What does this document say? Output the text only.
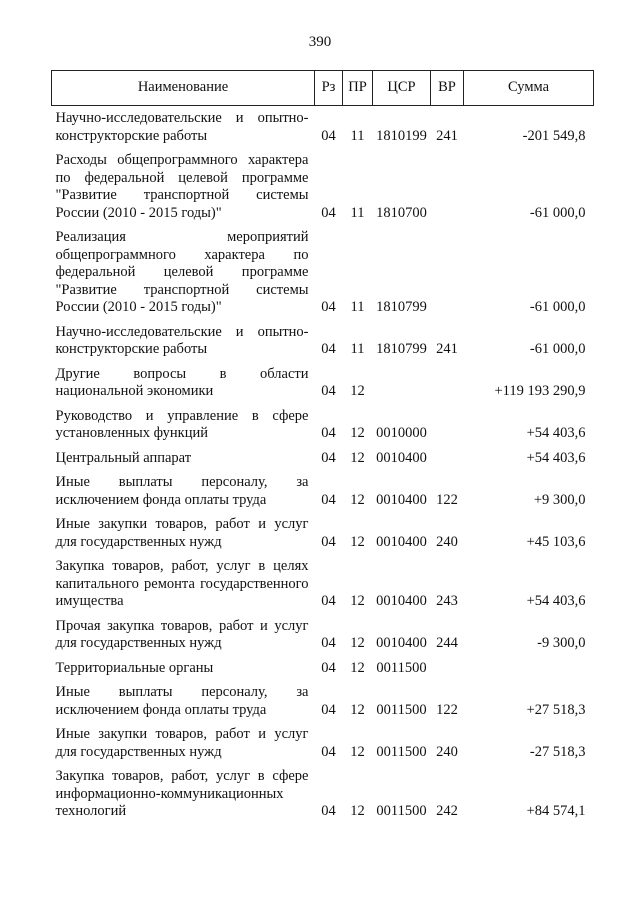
390
Наименование	Рз	ПР	ЦСР	ВР	Сумма
Научно-исследовательские и опытно-конструкторские работы	04	11	1810199	241	-201 549,8
Расходы общепрограммного характера по федеральной целевой программе "Развитие транспортной системы России (2010 - 2015 годы)"	04	11	1810700		-61 000,0
Реализация мероприятий общепрограммного характера по федеральной целевой программе "Развитие транспортной системы России (2010 - 2015 годы)"	04	11	1810799		-61 000,0
Научно-исследовательские и опытно-конструкторские работы	04	11	1810799	241	-61 000,0
Другие вопросы в области национальной экономики	04	12			+119 193 290,9
Руководство и управление в сфере установленных функций	04	12	0010000		+54 403,6
Центральный аппарат	04	12	0010400		+54 403,6
Иные выплаты персоналу, за исключением фонда оплаты труда	04	12	0010400	122	+9 300,0
Иные закупки товаров, работ и услуг для государственных нужд	04	12	0010400	240	+45 103,6
Закупка товаров, работ, услуг в целях капитального ремонта государственного имущества	04	12	0010400	243	+54 403,6
Прочая закупка товаров, работ и услуг для государственных нужд	04	12	0010400	244	-9 300,0
Территориальные органы	04	12	0011500		
Иные выплаты персоналу, за исключением фонда оплаты труда	04	12	0011500	122	+27 518,3
Иные закупки товаров, работ и услуг для государственных нужд	04	12	0011500	240	-27 518,3
Закупка товаров, работ, услуг в сфере информационно-коммуникационных технологий	04	12	0011500	242	+84 574,1
